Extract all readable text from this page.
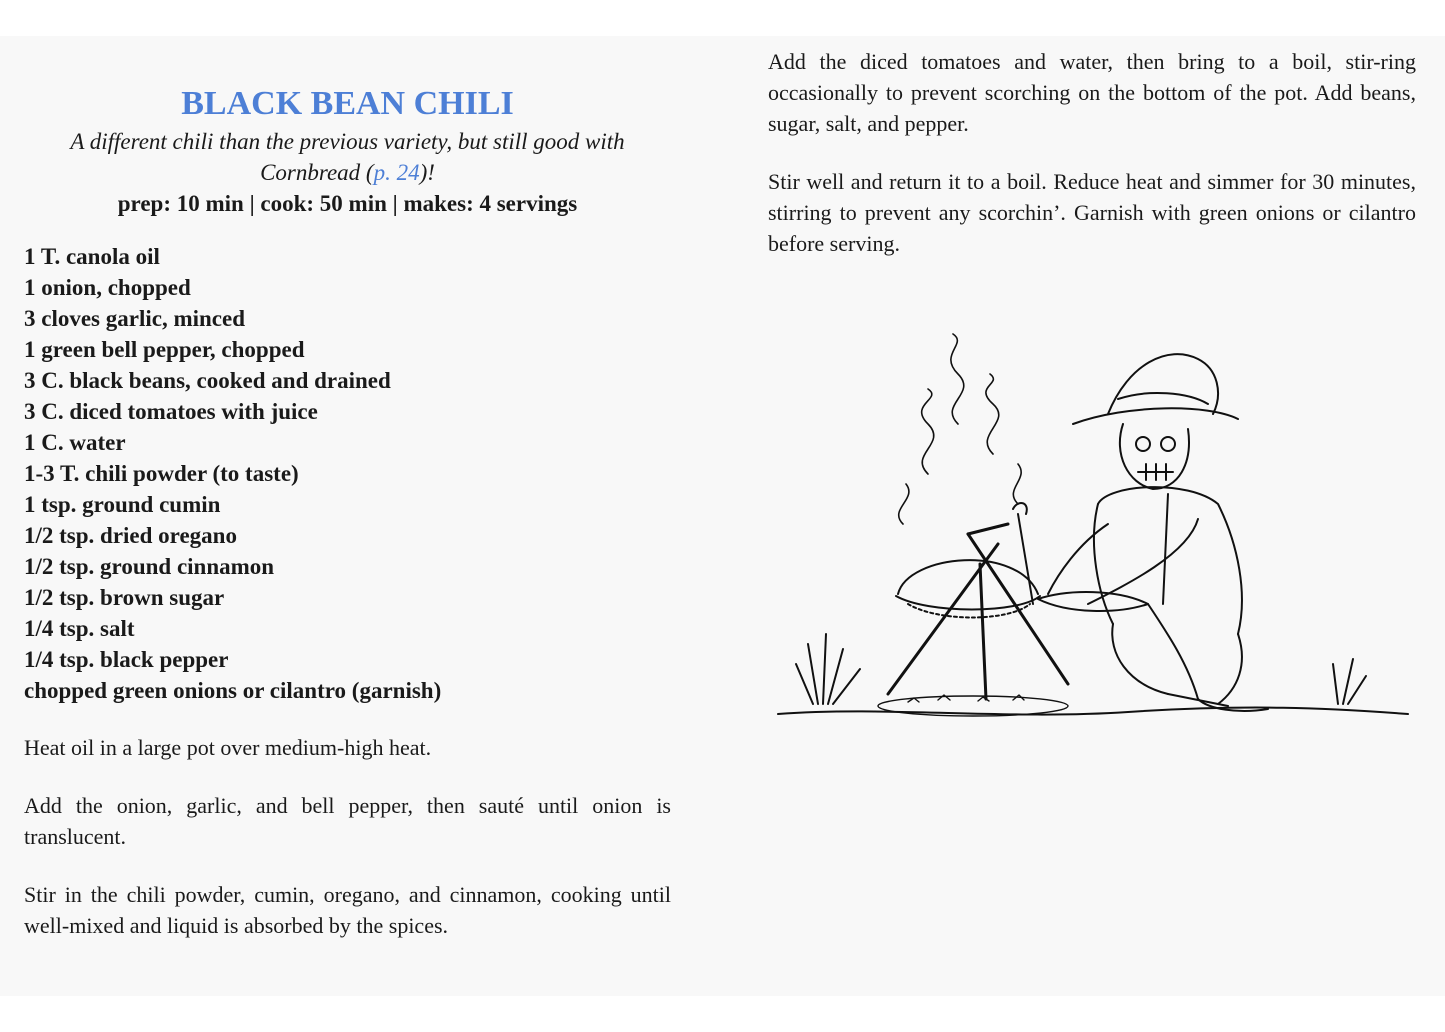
BLACK BEAN CHILI
A different chili than the previous variety, but still good with Cornbread (p. 24)!
prep: 10 min | cook: 50 min | makes: 4 servings
1 T. canola oil
1 onion, chopped
3 cloves garlic, minced
1 green bell pepper, chopped
3 C. black beans, cooked and drained
3 C. diced tomatoes with juice
1 C. water
1-3 T. chili powder (to taste)
1 tsp. ground cumin
1/2 tsp. dried oregano
1/2 tsp. ground cinnamon
1/2 tsp. brown sugar
1/4 tsp. salt
1/4 tsp. black pepper
chopped green onions or cilantro (garnish)

Heat oil in a large pot over medium-high heat.

Add the onion, garlic, and bell pepper, then sauté until onion is translucent.

Stir in the chili powder, cumin, oregano, and cinnamon, cooking until well-mixed and liquid is absorbed by the spices.

Add the diced tomatoes and water, then bring to a boil, stir-ring occasionally to prevent scorching on the bottom of the pot. Add beans, sugar, salt, and pepper.

Stir well and return it to a boil. Reduce heat and simmer for 30 minutes, stirring to prevent any scorchin’. Garnish with green onions or cilantro before serving.
